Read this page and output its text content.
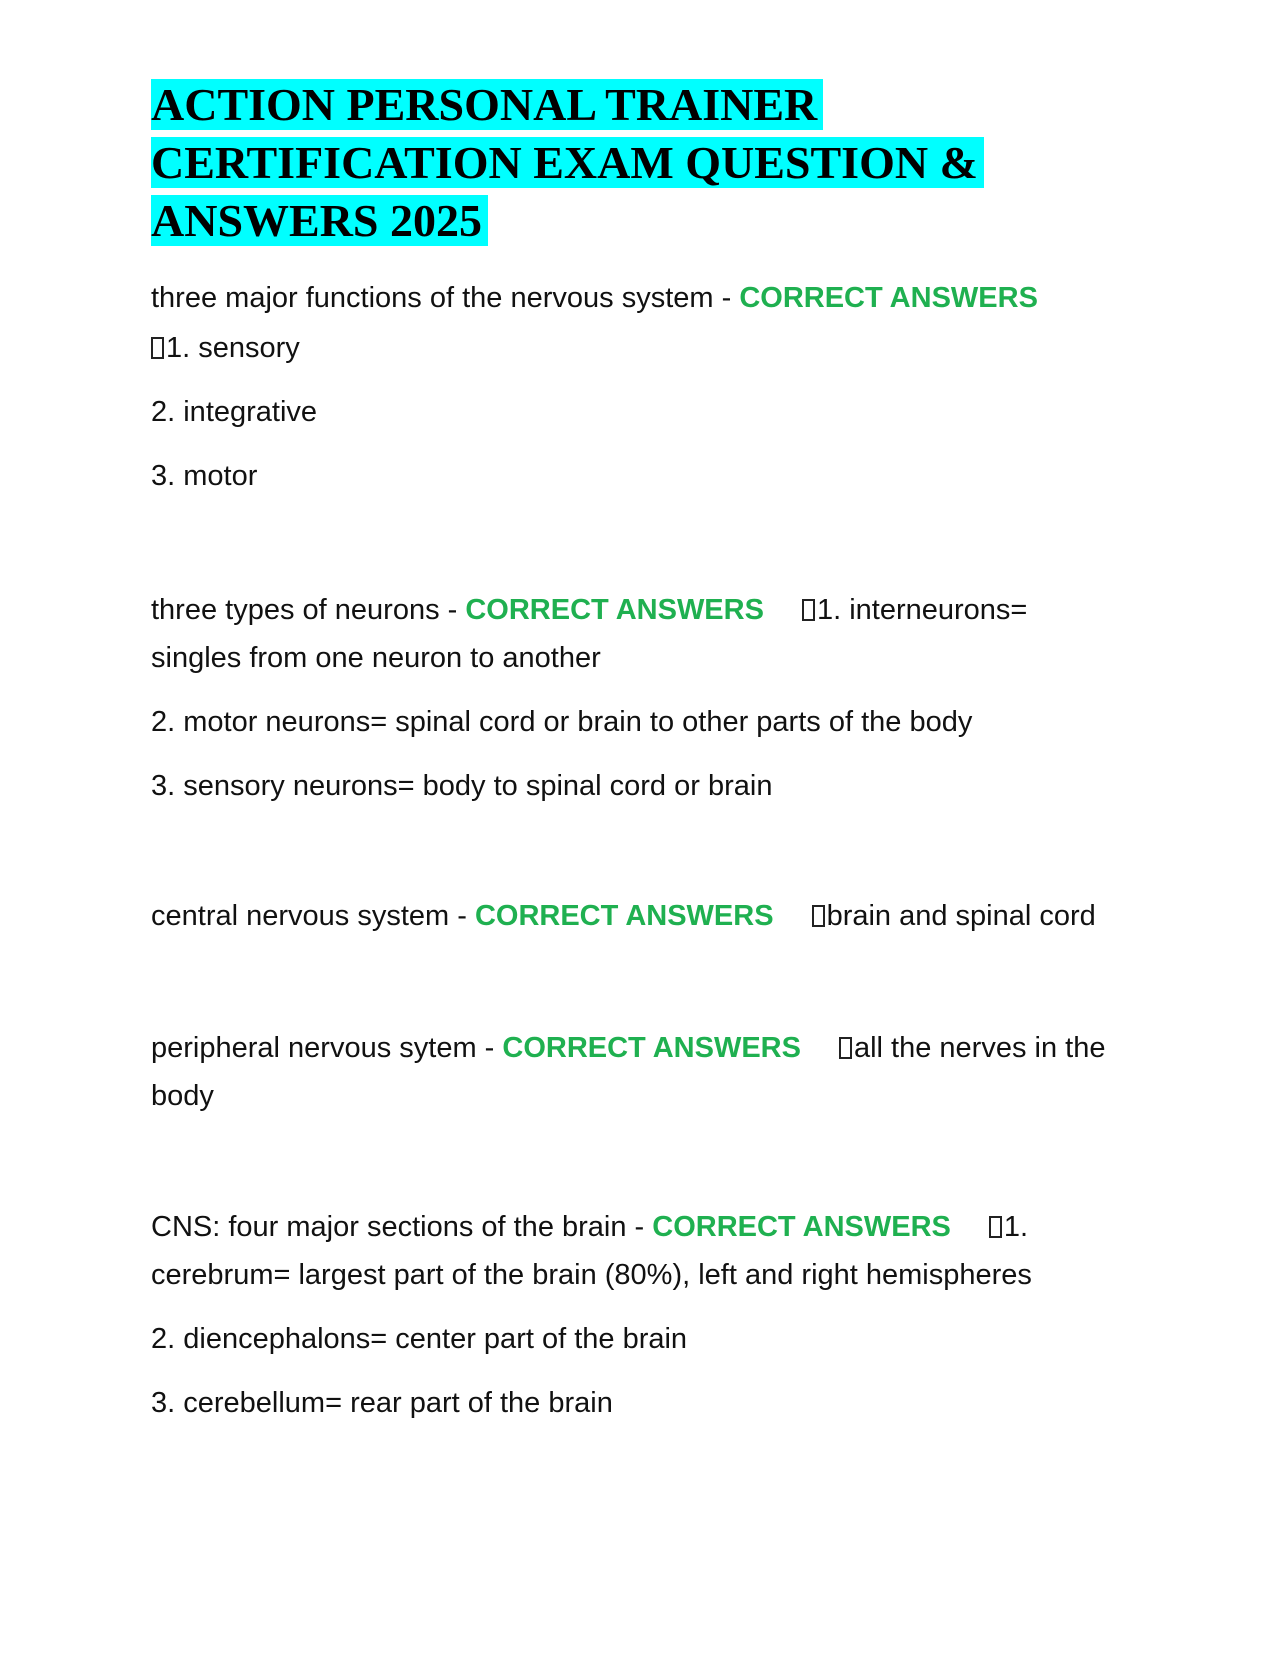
ACTION PERSONAL TRAINER
CERTIFICATION EXAM QUESTION &
ANSWERS 2025

three major functions of the nervous system - CORRECT ANSWERS

1. sensory

2. integrative

3. motor

three types of neurons - CORRECT ANSWERS 1. interneurons=

singles from one neuron to another

2. motor neurons= spinal cord or brain to other parts of the body

3. sensory neurons= body to spinal cord or brain

central nervous system - CORRECT ANSWERS brain and spinal cord

peripheral nervous sytem - CORRECT ANSWERS all the nerves in the

body

CNS: four major sections of the brain - CORRECT ANSWERS 1.

cerebrum= largest part of the brain (80%), left and right hemispheres

2. diencephalons= center part of the brain

3. cerebellum= rear part of the brain
